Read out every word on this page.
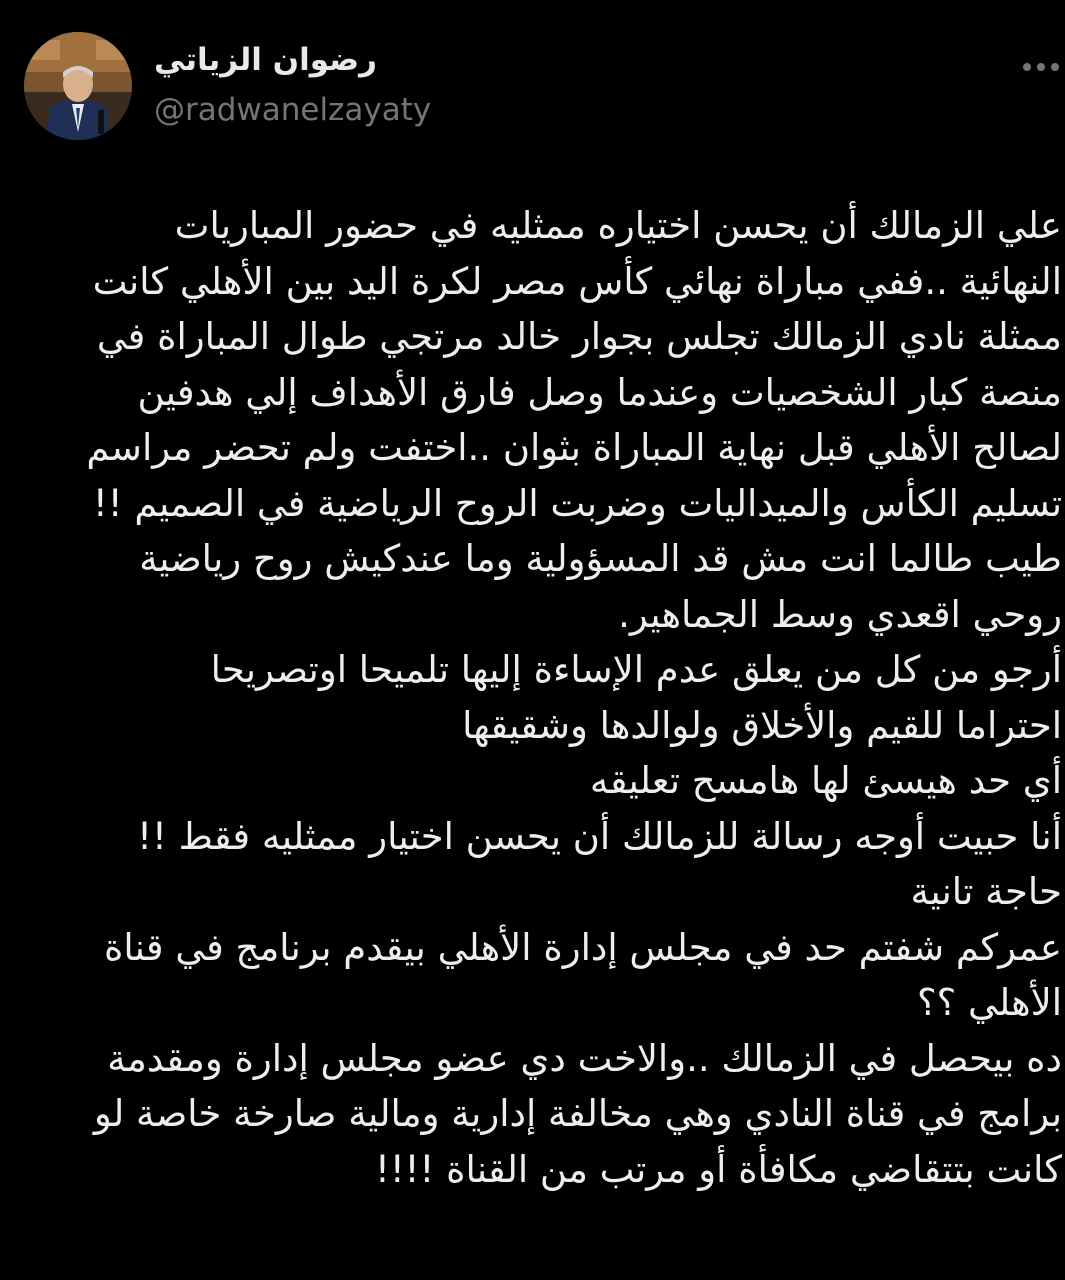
رضوان الزياتي
@radwanelzayaty
علي الزمالك أن يحسن اختياره ممثليه في حضور المباريات
النهائية ..ففي مباراة نهائي كأس مصر لكرة اليد بين الأهلي كانت
ممثلة نادي الزمالك تجلس بجوار خالد مرتجي طوال المباراة في
منصة كبار الشخصيات وعندما وصل فارق الأهداف إلي هدفين
لصالح الأهلي قبل نهاية المباراة بثوان ..اختفت ولم تحضر مراسم
تسليم الكأس والميداليات وضربت الروح الرياضية في الصميم !!
طيب طالما انت مش قد المسؤولية وما عندكيش روح رياضية
روحي اقعدي وسط الجماهير.
أرجو من كل من يعلق عدم الإساءة إليها تلميحا اوتصريحا
احتراما للقيم والأخلاق ولوالدها وشقيقها
أي حد هيسئ لها هامسح تعليقه
أنا حبيت أوجه رسالة للزمالك أن يحسن اختيار ممثليه فقط !!
حاجة تانية
عمركم شفتم حد في مجلس إدارة الأهلي بيقدم برنامج في قناة
الأهلي ؟؟
ده بيحصل في الزمالك ..والاخت دي عضو مجلس إدارة ومقدمة
برامج في قناة النادي وهي مخالفة إدارية ومالية صارخة خاصة لو
كانت بتتقاضي مكافأة أو مرتب من القناة !!!!
